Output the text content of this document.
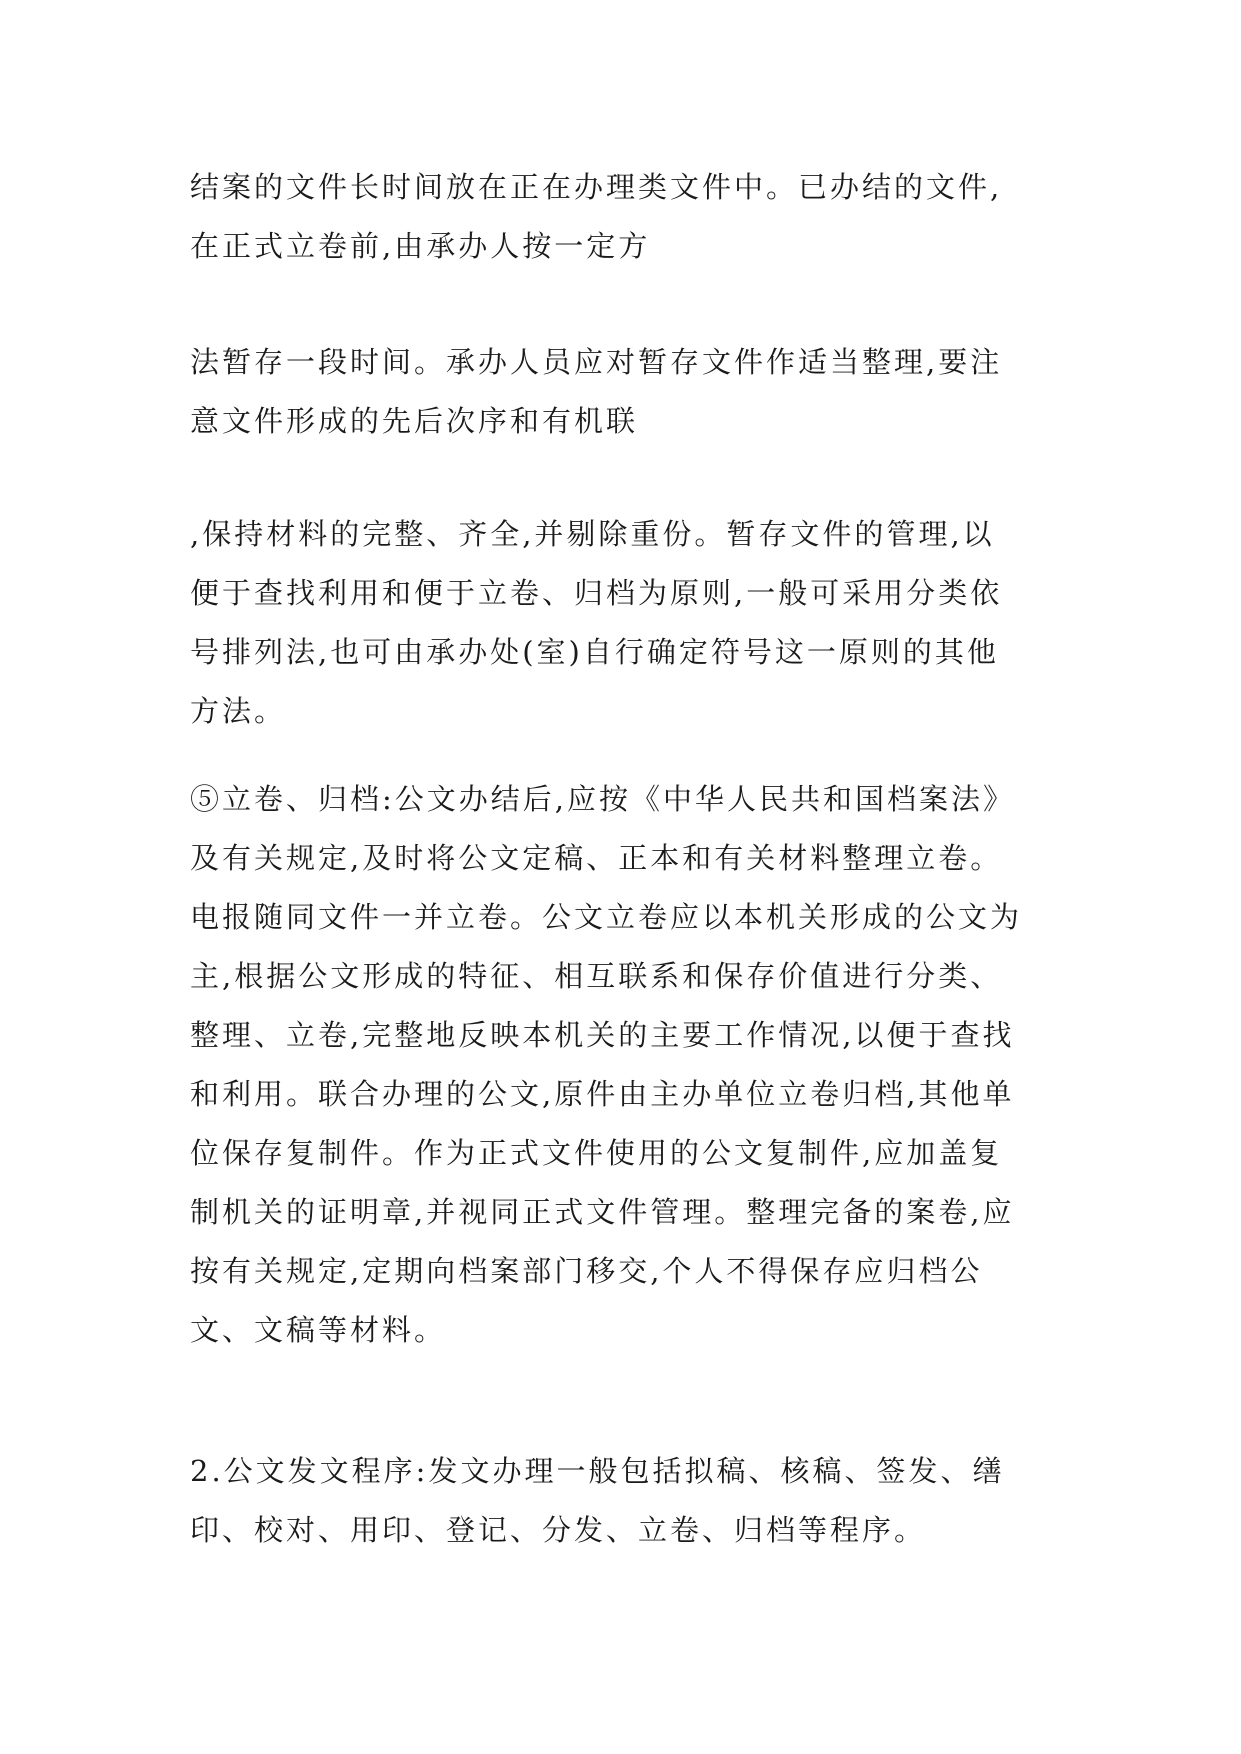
结案的文件长时间放在正在办理类文件中。已办结的文件,
在正式立卷前,由承办人按一定方

法暂存一段时间。承办人员应对暂存文件作适当整理,要注
意文件形成的先后次序和有机联

,保持材料的完整、齐全,并剔除重份。暂存文件的管理,以
便于查找利用和便于立卷、归档为原则,一般可采用分类依
号排列法,也可由承办处(室)自行确定符号这一原则的其他
方法。

⑤立卷、归档:公文办结后,应按《中华人民共和国档案法》
及有关规定,及时将公文定稿、正本和有关材料整理立卷。
电报随同文件一并立卷。公文立卷应以本机关形成的公文为
主,根据公文形成的特征、相互联系和保存价值进行分类、
整理、立卷,完整地反映本机关的主要工作情况,以便于查找
和利用。联合办理的公文,原件由主办单位立卷归档,其他单
位保存复制件。作为正式文件使用的公文复制件,应加盖复
制机关的证明章,并视同正式文件管理。整理完备的案卷,应
按有关规定,定期向档案部门移交,个人不得保存应归档公
文、文稿等材料。

2.公文发文程序:发文办理一般包括拟稿、核稿、签发、缮
印、校对、用印、登记、分发、立卷、归档等程序。
